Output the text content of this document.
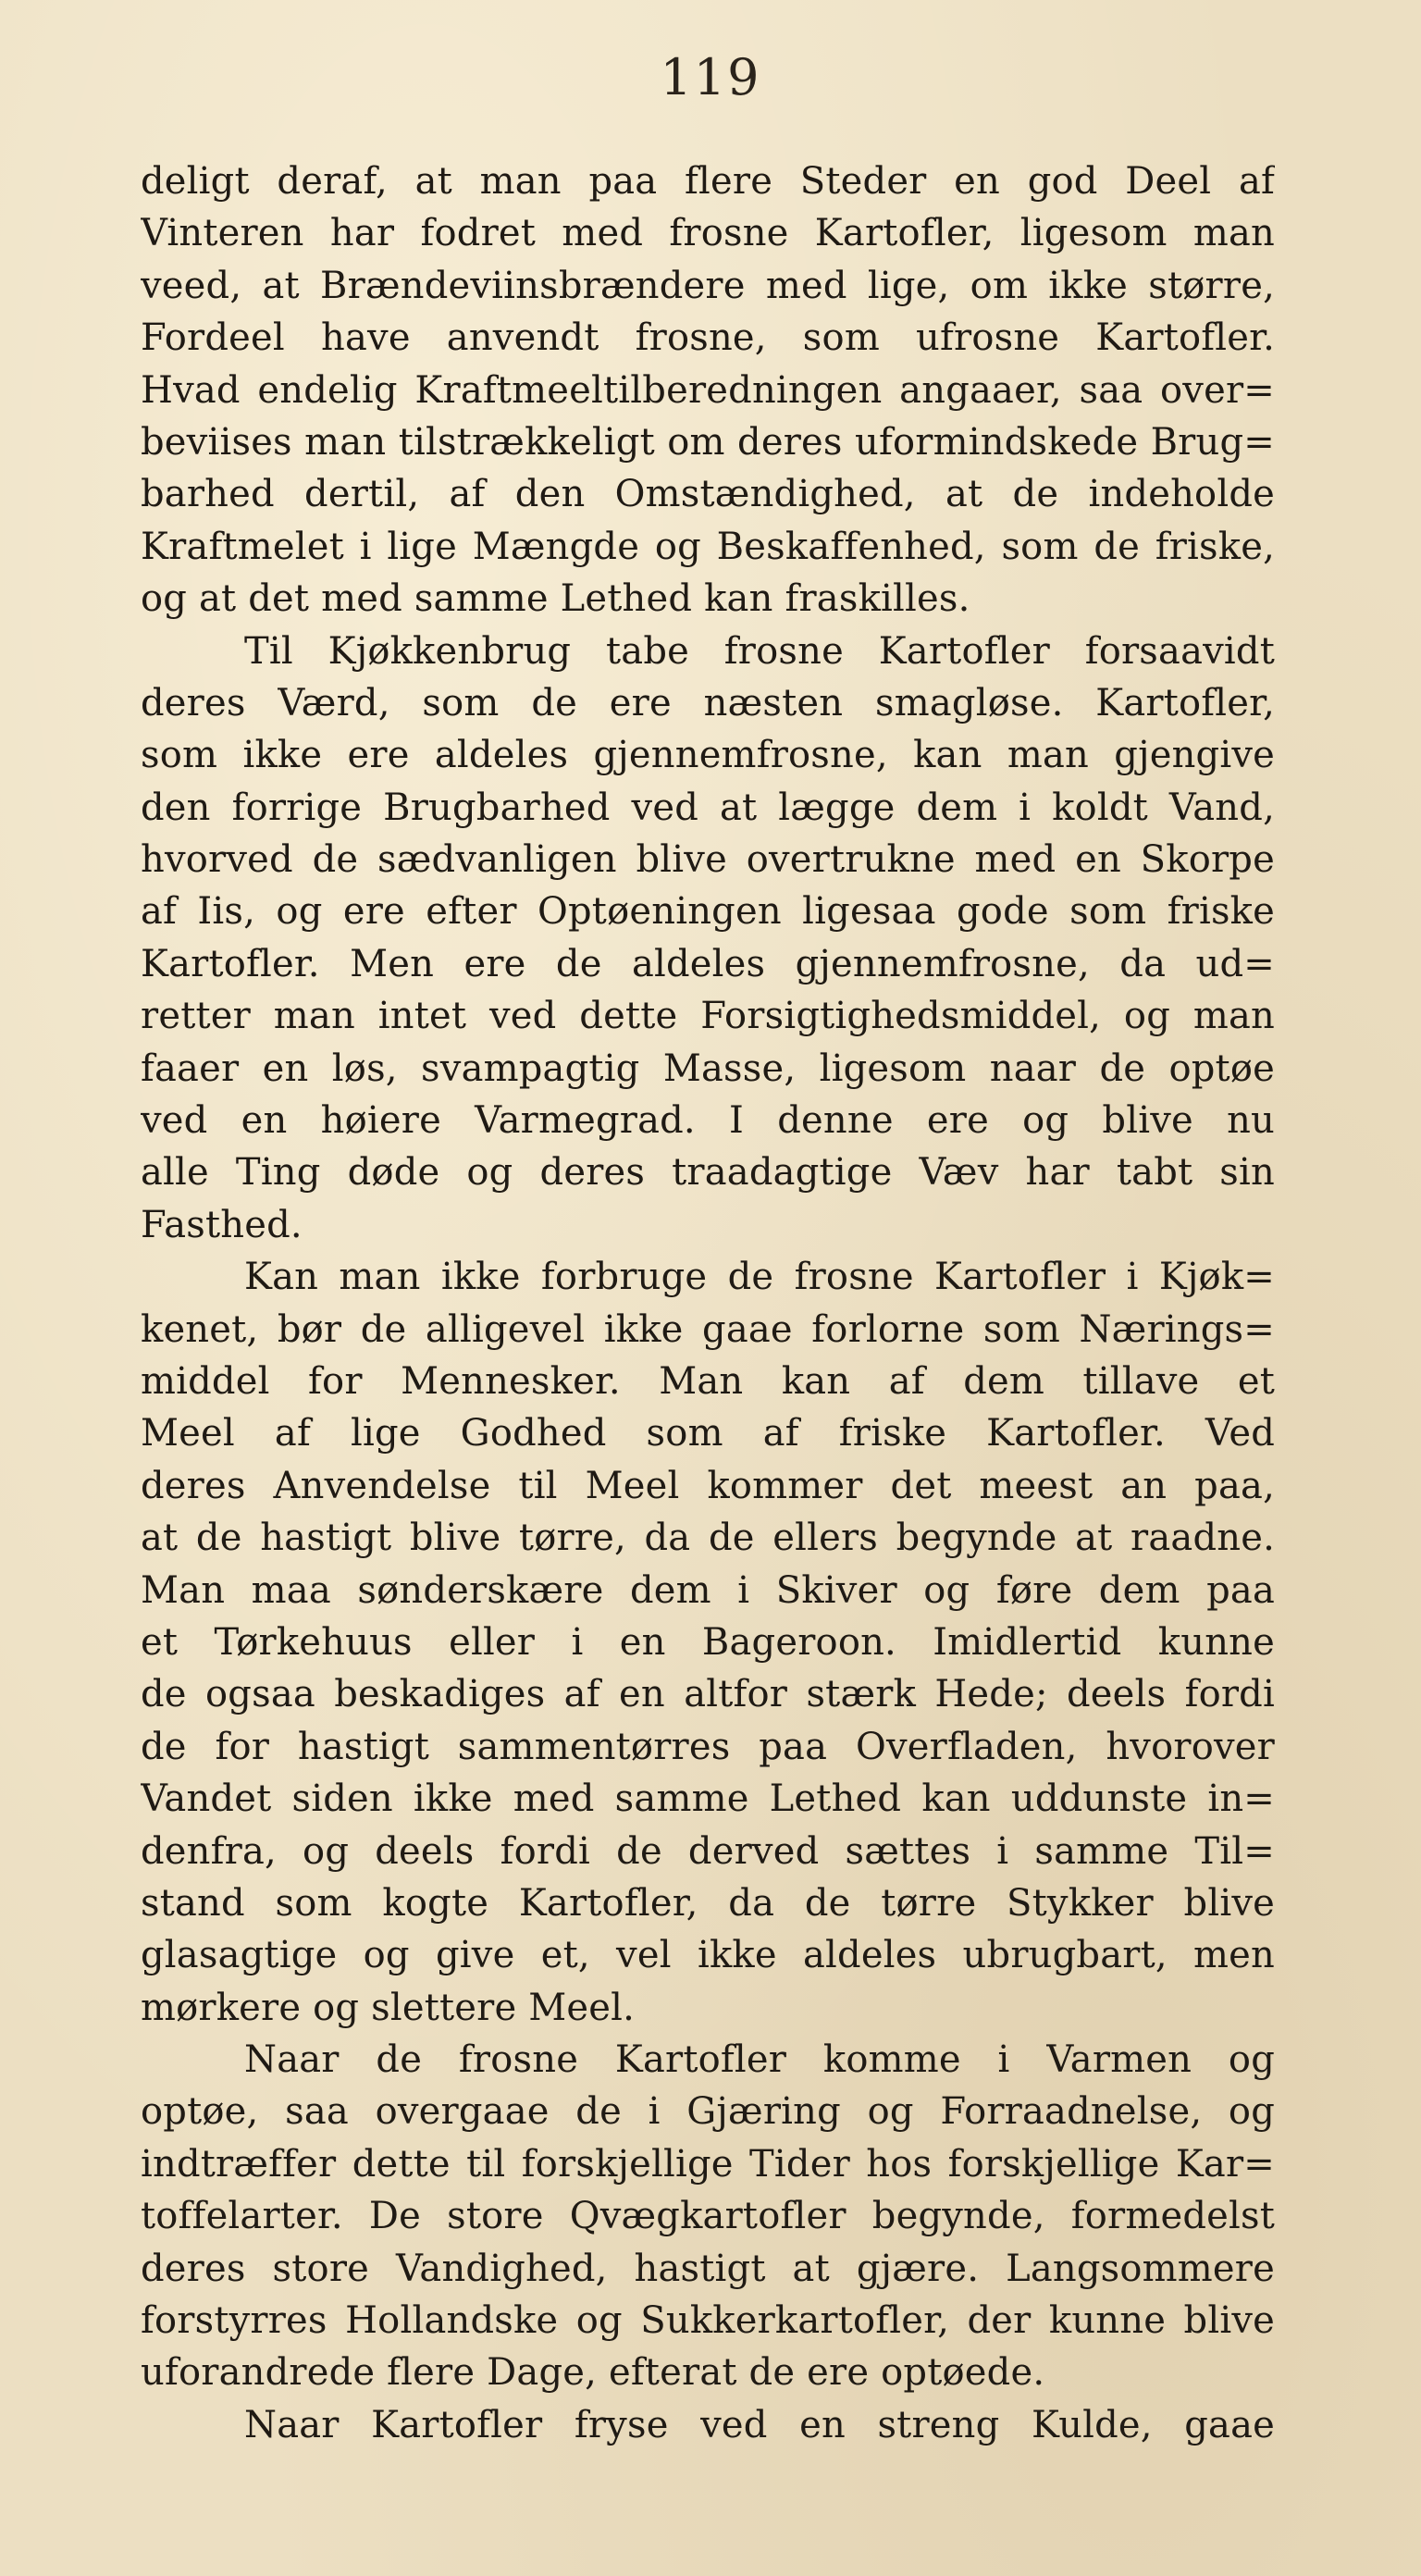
119
deligt deraf, at man paa flere Steder en god Deel af
Vinteren har fodret med frosne Kartofler, ligesom man
veed, at Brændeviinsbrændere med lige, om ikke større,
Fordeel have anvendt frosne, som ufrosne Kartofler.
Hvad endelig Kraftmeeltilberedningen angaaer, saa over=
beviises man tilstrækkeligt om deres uformindskede Brug=
barhed dertil, af den Omstændighed, at de indeholde
Kraftmelet i lige Mængde og Beskaffenhed, som de friske,
og at det med samme Lethed kan fraskilles.
Til Kjøkkenbrug tabe frosne Kartofler forsaavidt
deres Værd, som de ere næsten smagløse. Kartofler,
som ikke ere aldeles gjennemfrosne, kan man gjengive
den forrige Brugbarhed ved at lægge dem i koldt Vand,
hvorved de sædvanligen blive overtrukne med en Skorpe
af Iis, og ere efter Optøeningen ligesaa gode som friske
Kartofler. Men ere de aldeles gjennemfrosne, da ud=
retter man intet ved dette Forsigtighedsmiddel, og man
faaer en løs, svampagtig Masse, ligesom naar de optøe
ved en høiere Varmegrad. I denne ere og blive nu
alle Ting døde og deres traadagtige Væv har tabt sin
Fasthed.
Kan man ikke forbruge de frosne Kartofler i Kjøk=
kenet, bør de alligevel ikke gaae forlorne som Nærings=
middel for Mennesker. Man kan af dem tillave et
Meel af lige Godhed som af friske Kartofler. Ved
deres Anvendelse til Meel kommer det meest an paa,
at de hastigt blive tørre, da de ellers begynde at raadne.
Man maa sønderskære dem i Skiver og føre dem paa
et Tørkehuus eller i en Bageroon. Imidlertid kunne
de ogsaa beskadiges af en altfor stærk Hede; deels fordi
de for hastigt sammentørres paa Overfladen, hvorover
Vandet siden ikke med samme Lethed kan uddunste in=
denfra, og deels fordi de derved sættes i samme Til=
stand som kogte Kartofler, da de tørre Stykker blive
glasagtige og give et, vel ikke aldeles ubrugbart, men
mørkere og slettere Meel.
Naar de frosne Kartofler komme i Varmen og
optøe, saa overgaae de i Gjæring og Forraadnelse, og
indtræffer dette til forskjellige Tider hos forskjellige Kar=
toffelarter. De store Qvægkartofler begynde, formedelst
deres store Vandighed, hastigt at gjære. Langsommere
forstyrres Hollandske og Sukkerkartofler, der kunne blive
uforandrede flere Dage, efterat de ere optøede.
Naar Kartofler fryse ved en streng Kulde, gaae
